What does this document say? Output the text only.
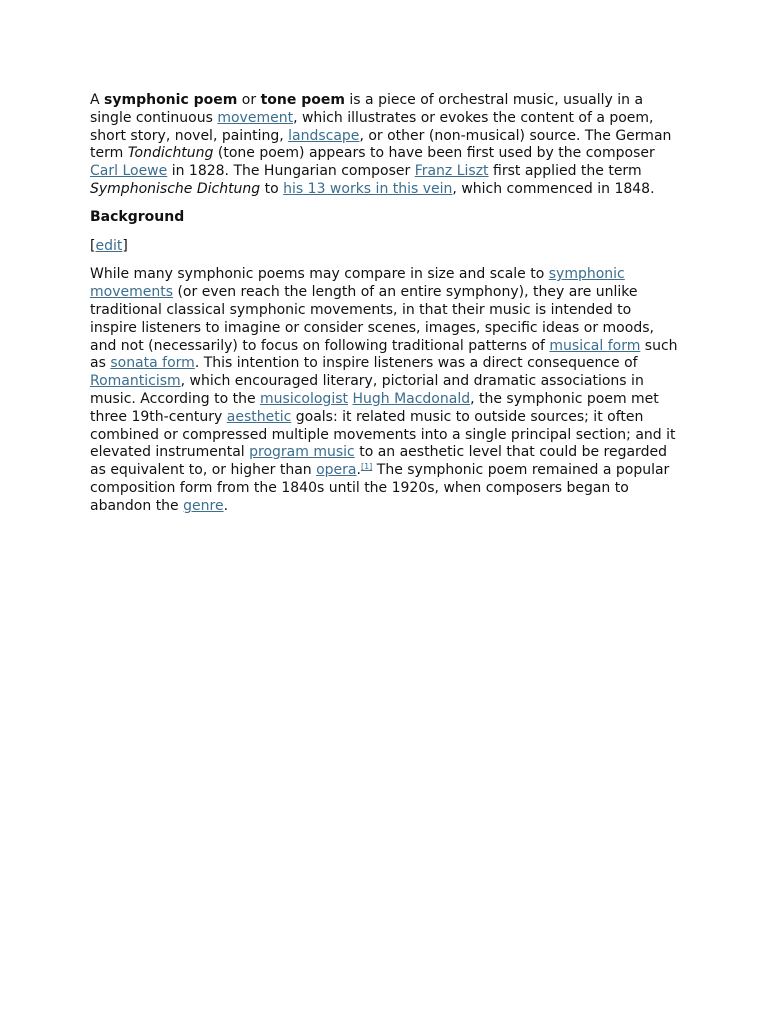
A symphonic poem or tone poem is a piece of orchestral music, usually in a single continuous movement, which illustrates or evokes the content of a poem, short story, novel, painting, landscape, or other (non-musical) source. The German term Tondichtung (tone poem) appears to have been first used by the composer Carl Loewe in 1828. The Hungarian composer Franz Liszt first applied the term Symphonische Dichtung to his 13 works in this vein, which commenced in 1848.

Background

[edit]

While many symphonic poems may compare in size and scale to symphonic movements (or even reach the length of an entire symphony), they are unlike traditional classical symphonic movements, in that their music is intended to inspire listeners to imagine or consider scenes, images, specific ideas or moods, and not (necessarily) to focus on following traditional patterns of musical form such as sonata form. This intention to inspire listeners was a direct consequence of Romanticism, which encouraged literary, pictorial and dramatic associations in music. According to the musicologist Hugh Macdonald, the symphonic poem met three 19th-century aesthetic goals: it related music to outside sources; it often combined or compressed multiple movements into a single principal section; and it elevated instrumental program music to an aesthetic level that could be regarded as equivalent to, or higher than opera.[1] The symphonic poem remained a popular composition form from the 1840s until the 1920s, when composers began to abandon the genre.
